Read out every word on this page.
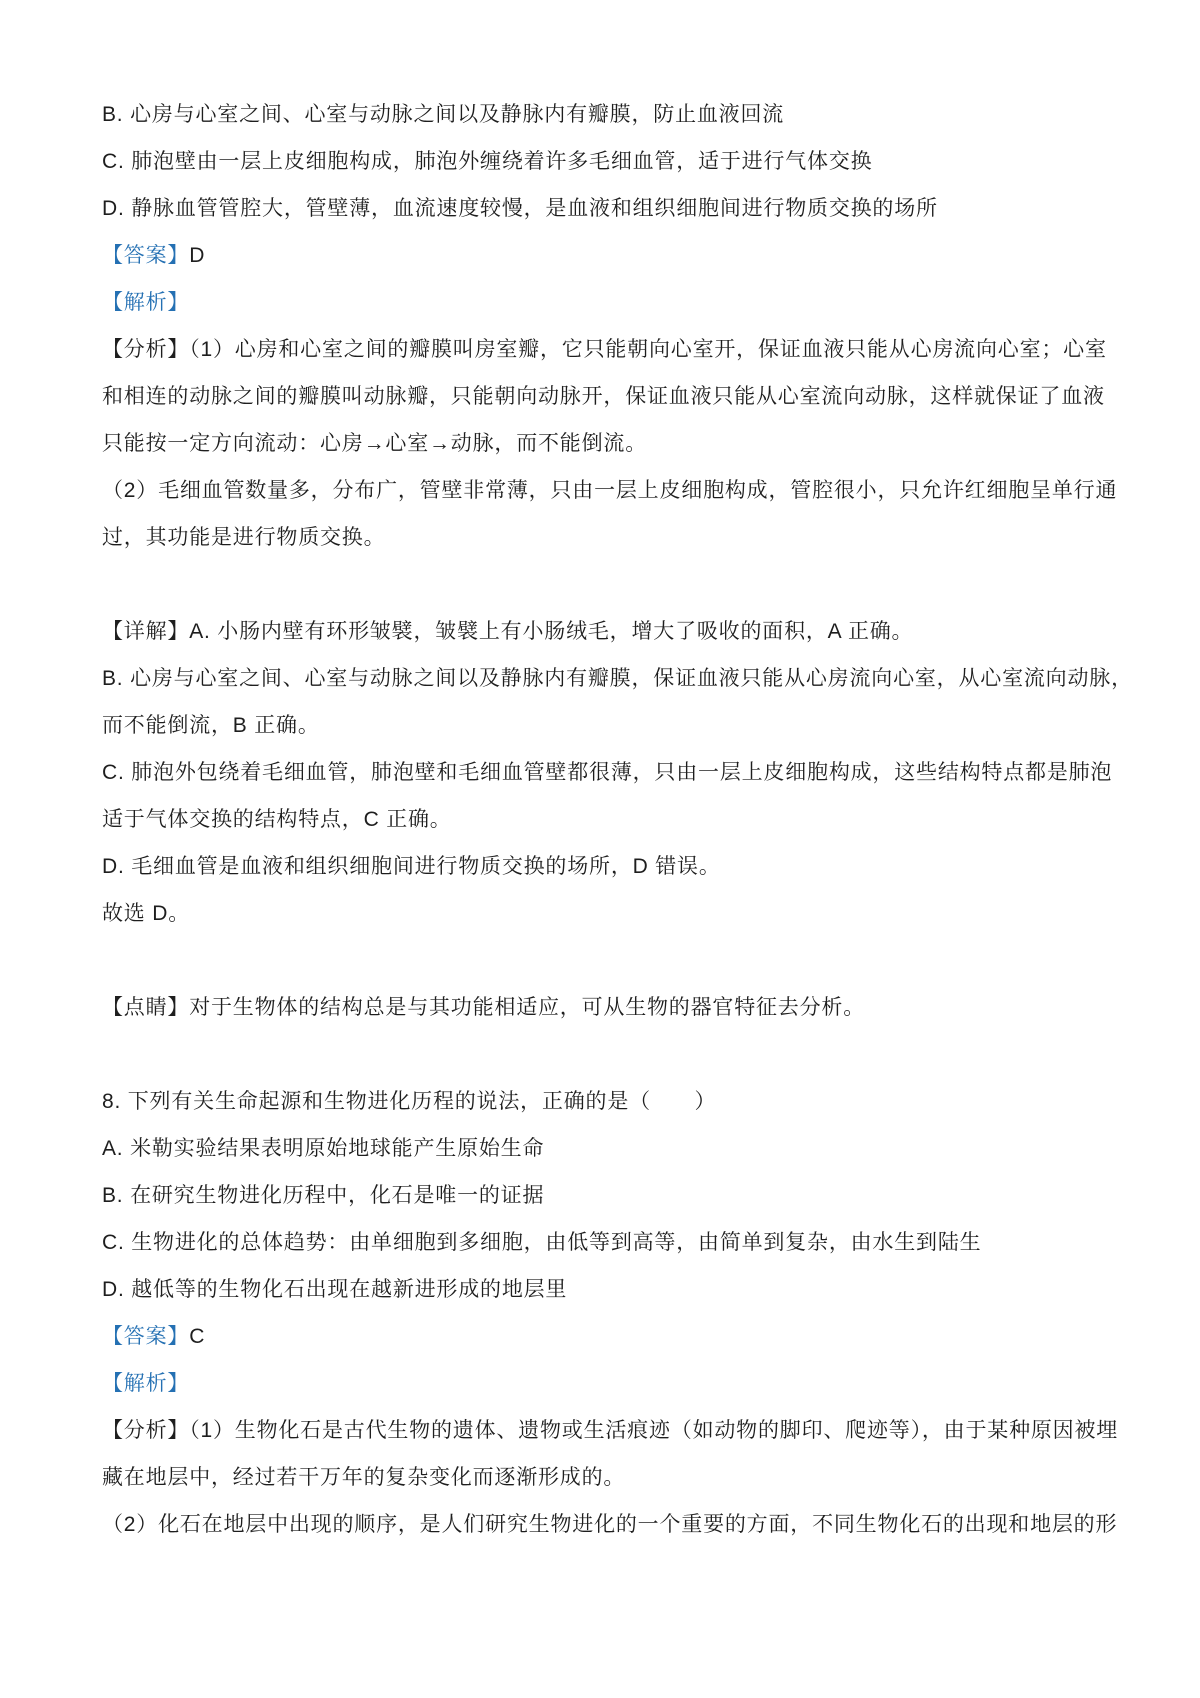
B. 心房与心室之间、心室与动脉之间以及静脉内有瓣膜，防止血液回流
C. 肺泡壁由一层上皮细胞构成，肺泡外缠绕着许多毛细血管，适于进行气体交换
D. 静脉血管管腔大，管壁薄，血流速度较慢，是血液和组织细胞间进行物质交换的场所
【答案】D
【解析】
【分析】（1）心房和心室之间的瓣膜叫房室瓣，它只能朝向心室开，保证血液只能从心房流向心室；心室
和相连的动脉之间的瓣膜叫动脉瓣，只能朝向动脉开，保证血液只能从心室流向动脉，这样就保证了血液
只能按一定方向流动：心房→心室→动脉，而不能倒流。
（2）毛细血管数量多，分布广，管壁非常薄，只由一层上皮细胞构成，管腔很小，只允许红细胞呈单行通
过，其功能是进行物质交换。
【详解】A. 小肠内壁有环形皱襞，皱襞上有小肠绒毛，增大了吸收的面积，A 正确。
B. 心房与心室之间、心室与动脉之间以及静脉内有瓣膜，保证血液只能从心房流向心室，从心室流向动脉，
而不能倒流，B 正确。
C. 肺泡外包绕着毛细血管，肺泡壁和毛细血管壁都很薄，只由一层上皮细胞构成，这些结构特点都是肺泡
适于气体交换的结构特点，C 正确。
D. 毛细血管是血液和组织细胞间进行物质交换的场所，D 错误。
故选 D。
【点睛】对于生物体的结构总是与其功能相适应，可从生物的器官特征去分析。
8. 下列有关生命起源和生物进化历程的说法，正确的是（　　）
A. 米勒实验结果表明原始地球能产生原始生命
B. 在研究生物进化历程中，化石是唯一的证据
C. 生物进化的总体趋势：由单细胞到多细胞，由低等到高等，由简单到复杂，由水生到陆生
D. 越低等的生物化石出现在越新进形成的地层里
【答案】C
【解析】
【分析】（1）生物化石是古代生物的遗体、遗物或生活痕迹（如动物的脚印、爬迹等），由于某种原因被埋
藏在地层中，经过若干万年的复杂变化而逐渐形成的。
（2）化石在地层中出现的顺序，是人们研究生物进化的一个重要的方面，不同生物化石的出现和地层的形
